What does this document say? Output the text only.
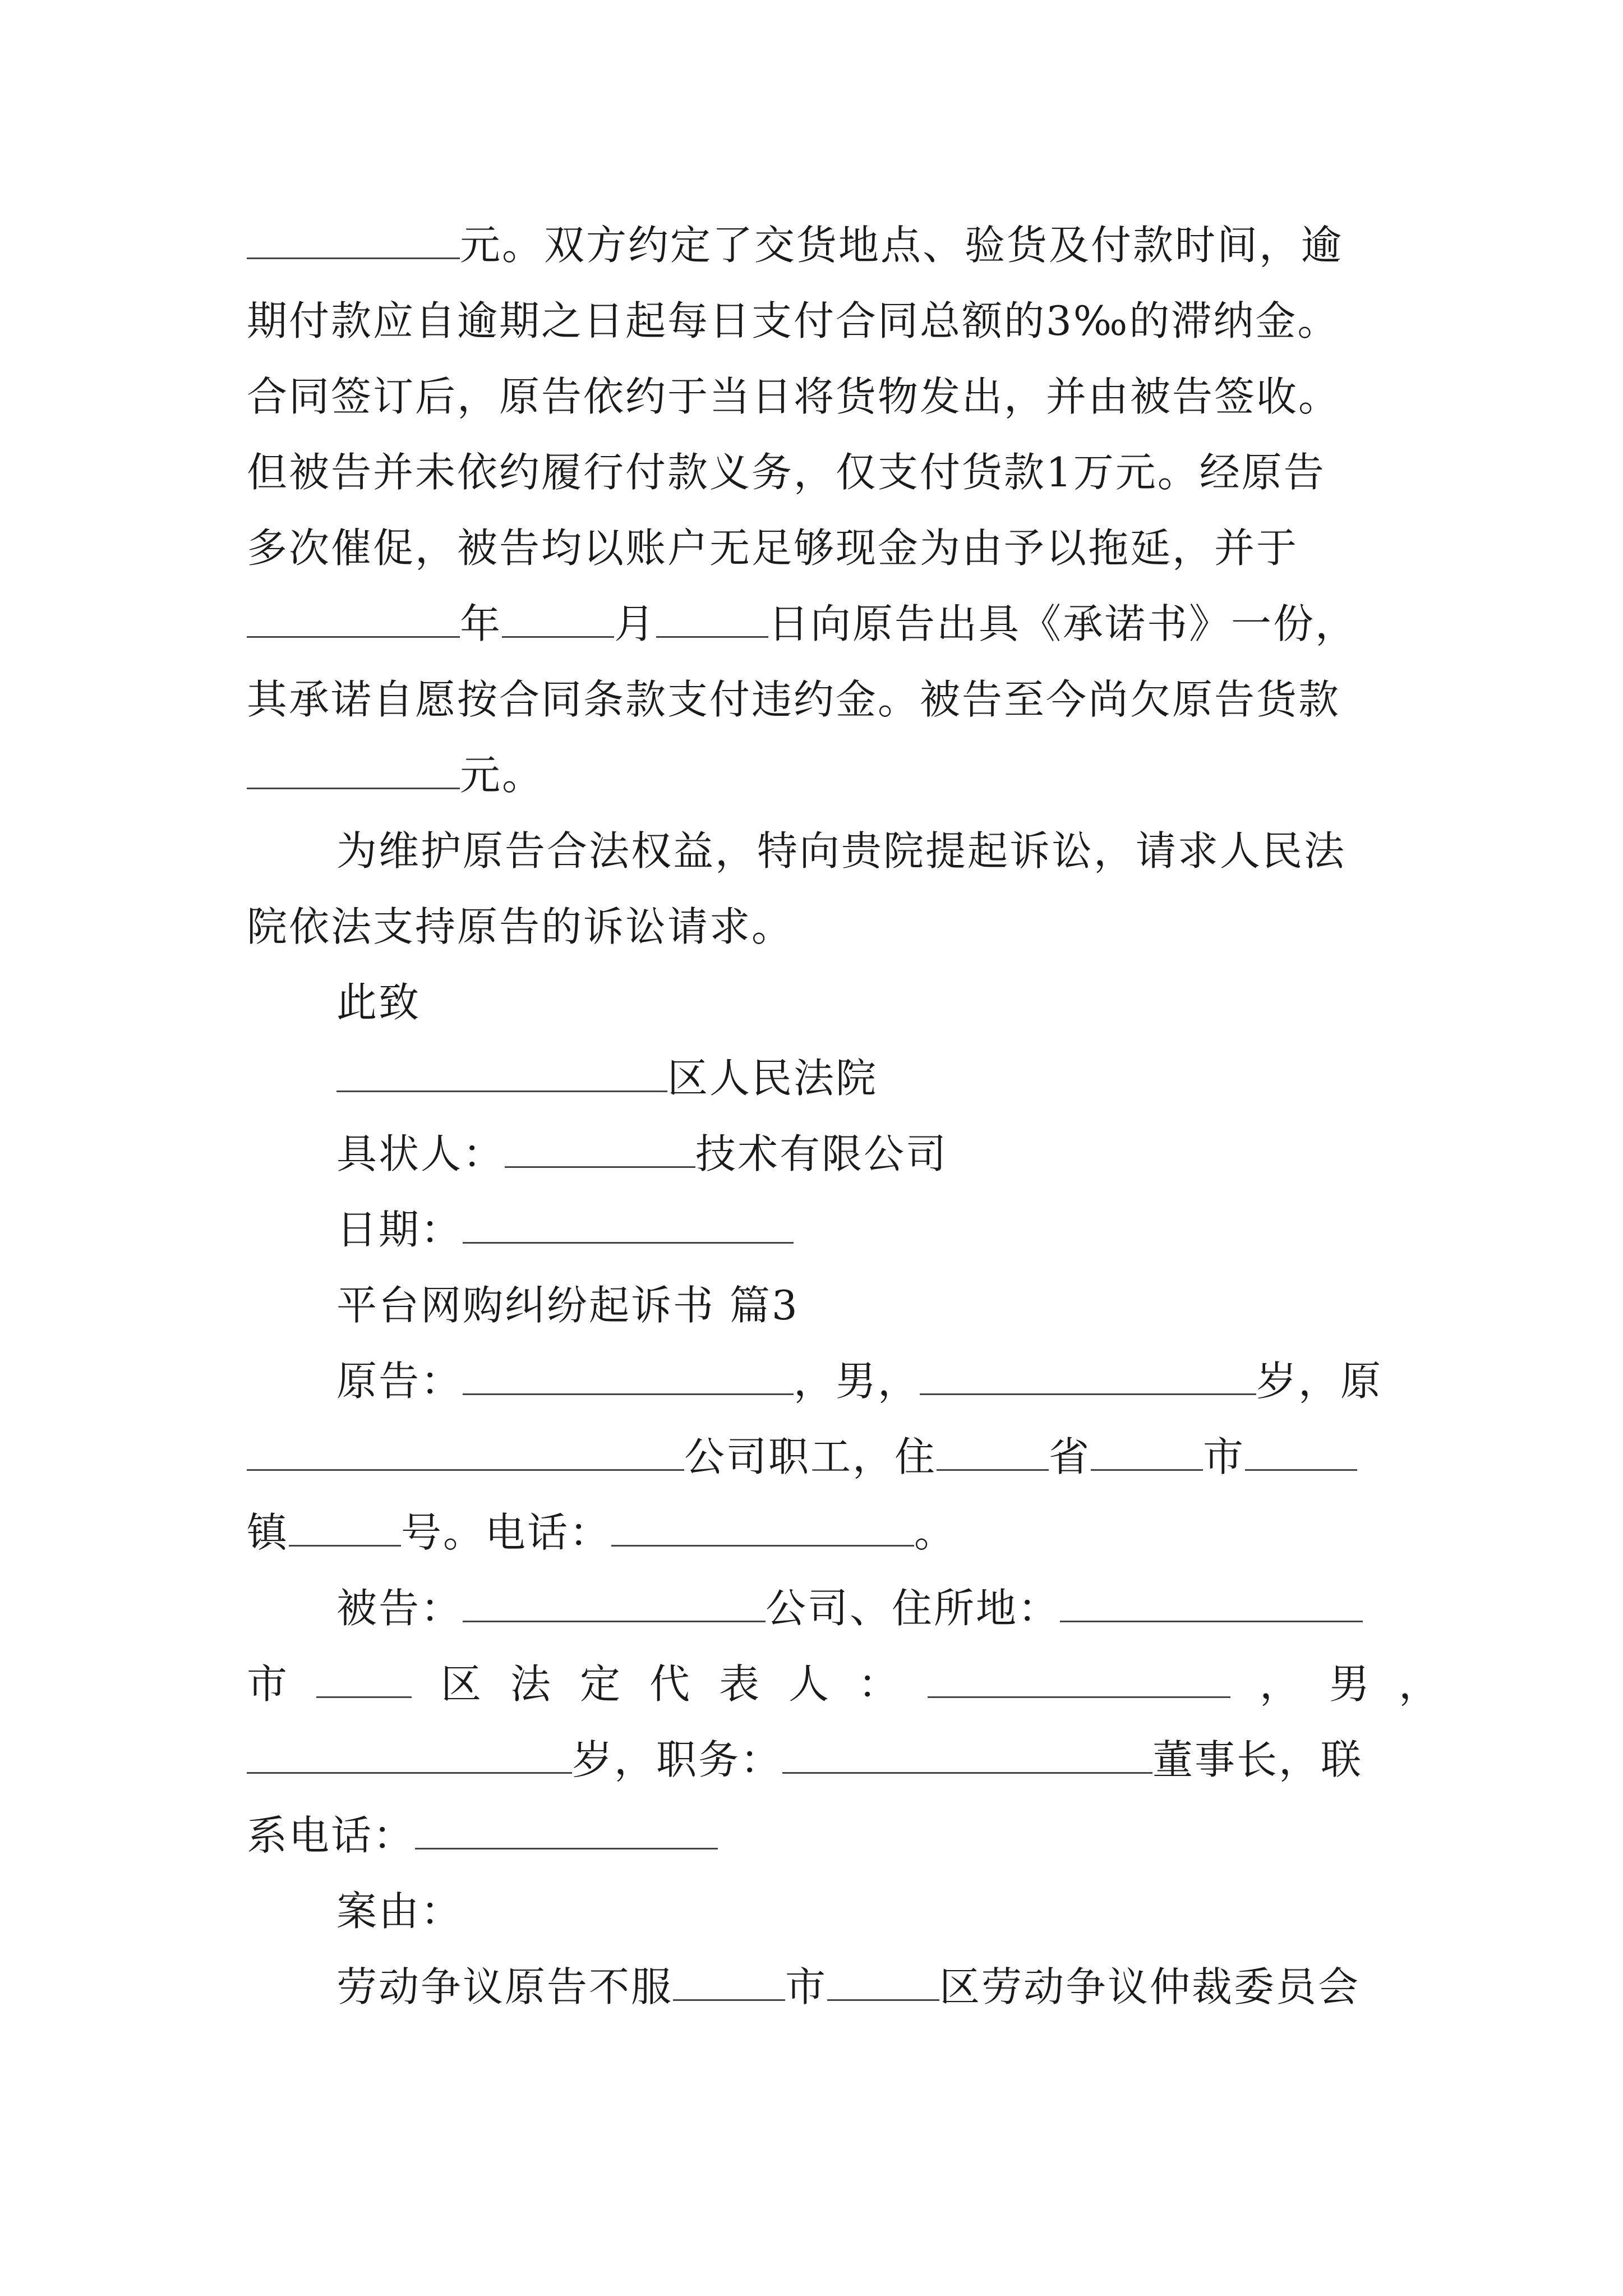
元。双方约定了交货地点、验货及付款时间，逾
期付款应自逾期之日起每日支付合同总额的3‰的滞纳金。
合同签订后，原告依约于当日将货物发出，并由被告签收。
但被告并未依约履行付款义务，仅支付货款1万元。经原告
多次催促，被告均以账户无足够现金为由予以拖延，并于
年	月	日向原告出具《承诺书》一份，
其承诺自愿按合同条款支付违约金。被告至今尚欠原告货款
元。
为维护原告合法权益，特向贵院提起诉讼，请求人民法
院依法支持原告的诉讼请求。
此致
区人民法院
具状人：	技术有限公司
日期：
平台网购纠纷起诉书 篇3
原告：	，男，	岁，原
公司职工，住	省	市
镇	号。电话：	。
被告：	公司、住所地：
市	区法定代表人：	，男，
岁，职务：	董事长，联
系电话：
案由：
劳动争议原告不服	市	区劳动争议仲裁委员会
